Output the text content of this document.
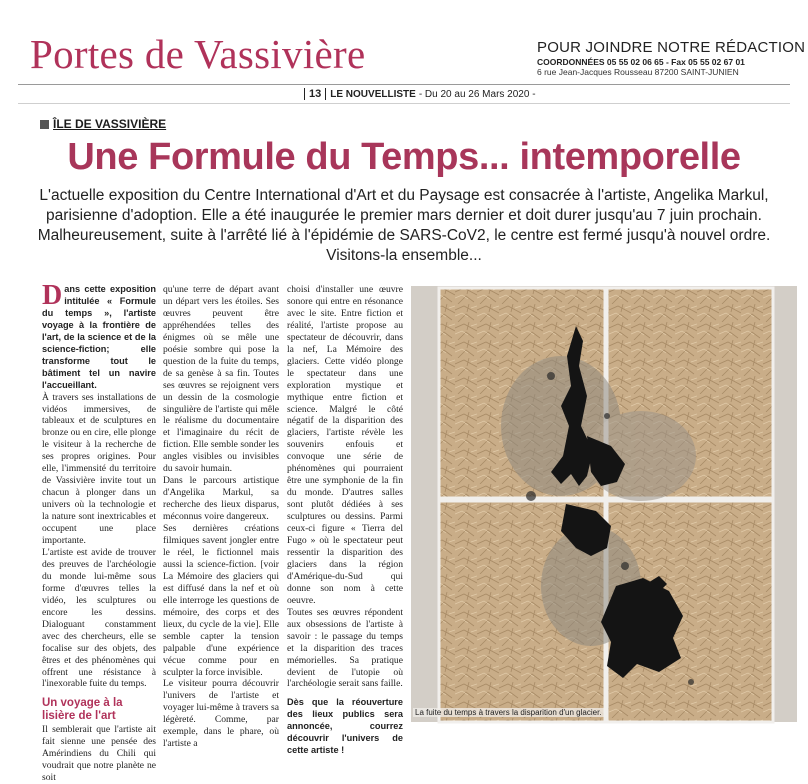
Portes de Vassivière	POUR JOINDRE NOTRE RÉDACTION
COORDONNÉES 05 55 02 06 65 - Fax 05 55 02 67 01
6 rue Jean-Jacques Rousseau 87200 SAINT-JUNIEN
13 LE NOUVELLISTE - Du 20 au 26 Mars 2020 -
ÎLE DE VASSIVIÈRE
Une Formule du Temps... intemporelle
L'actuelle exposition du Centre International d'Art et du Paysage est consacrée à l'artiste, Angelika Markul, parisienne d'adoption. Elle a été inaugurée le premier mars dernier et doit durer jusqu'au 7 juin prochain. Malheureusement, suite à l'arrêté lié à l'épidémie de SARS-CoV2, le centre est fermé jusqu'à nouvel ordre. Visitons-la ensemble...

Dans cette exposition intitulée « Formule du temps », l'artiste voyage à la frontière de l'art, de la science et de la science-fiction; elle transforme tout le bâtiment tel un navire l'accueillant.

À travers ses installations de vidéos immersives, de tableaux et de sculptures en bronze ou en cire, elle plonge le visiteur à la recherche de ses propres origines. Pour elle, l'immensité du territoire de Vassivière invite tout un chacun à plonger dans un univers où la technologie et la nature sont inextricables et occupent une place importante.

L'artiste est avide de trouver des preuves de l'archéologie du monde lui-même sous forme d'œuvres telles la vidéo, les sculptures ou encore les dessins. Dialoguant constamment avec des chercheurs, elle se focalise sur des objets, des êtres et des phénomènes qui offrent une résistance à l'inexorable fuite du temps.

Un voyage à la lisière de l'art

Il semblerait que l'artiste ait fait sienne une pensée des Amérindiens du Chili qui voudrait que notre planète ne soit

qu'une terre de départ avant un départ vers les étoiles. Ses œuvres peuvent être appréhendées telles des énigmes où se mêle une poésie sombre qui pose la question de la fuite du temps, de sa genèse à sa fin. Toutes ses œuvres se rejoignent vers un dessin de la cosmologie singulière de l'artiste qui mêle le réalisme du documentaire et l'imaginaire du récit de fiction. Elle semble sonder les angles visibles ou invisibles du savoir humain.

Dans le parcours artistique d'Angelika Markul, sa recherche des lieux disparus, méconnus voire dangereux.

Ses dernières créations filmiques savent jongler entre le réel, le fictionnel mais aussi la science-fiction. [voir La Mémoire des glaciers qui est diffusé dans la nef et où elle interroge les questions de mémoire, des corps et des lieux, du cycle de la vie]. Elle semble capter la tension palpable d'une expérience vécue comme pour en sculpter la force invisible.

Le visiteur pourra découvrir l'univers de l'artiste et voyager lui-même à travers sa légèreté. Comme, par exemple, dans le phare, où l'artiste a

choisi d'installer une œuvre sonore qui entre en résonance avec le site. Entre fiction et réalité, l'artiste propose au spectateur de découvrir, dans la nef, La Mémoire des glaciers. Cette vidéo plonge le spectateur dans une exploration mystique et mythique entre fiction et science. Malgré le côté négatif de la disparition des glaciers, l'artiste révèle les souvenirs enfouis et convoque une série de phénomènes qui pourraient être une symphonie de la fin du monde. D'autres salles sont plutôt dédiées à ses sculptures ou dessins. Parmi ceux-ci figure « Tierra del Fugo » où le spectateur peut ressentir la disparition des glaciers dans la région d'Amérique-du-Sud qui donne son nom à cette oeuvre.

Toutes ses œuvres répondent aux obsessions de l'artiste à savoir : le passage du temps et la disparition des traces mémorielles. Sa pratique devient de l'utopie où l'archéologie serait sans faille.

Dès que la réouverture des lieux publics sera annoncée, courrez découvrir l'univers de cette artiste !

La fuite du temps à travers la disparition d'un glacier.
